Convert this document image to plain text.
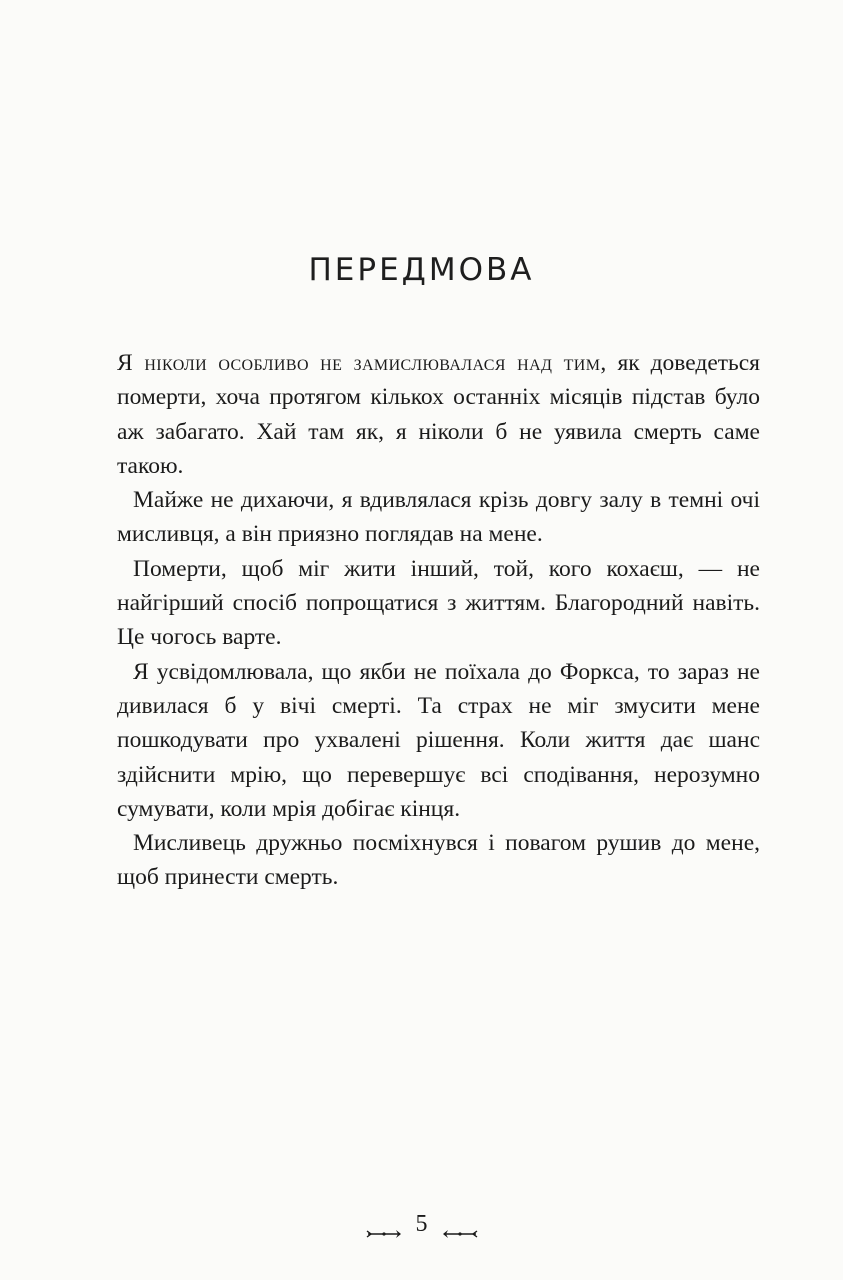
ПЕРЕДМОВА

Я ніколи особливо не замислювалася над тим, як доведеться померти, хоча протягом кількох останніх місяців підстав було аж забагато. Хай там як, я ніколи б не уявила смерть саме такою.

Майже не дихаючи, я вдивлялася крізь довгу залу в темні очі мисливця, а він приязно поглядав на мене.

Померти, щоб міг жити інший, той, кого кохаєш, — не найгірший спосіб попрощатися з життям. Благородний навіть. Це чогось варте.

Я усвідомлювала, що якби не поїхала до Форкса, то зараз не дивилася б у вічі смерті. Та страх не міг змусити мене пошкодувати про ухвалені рішення. Коли життя дає шанс здійснити мрію, що перевершує всі сподівання, нерозумно сумувати, коли мрія добігає кінця.

Мисливець дружньо посміхнувся і повагом рушив до мене, щоб принести смерть.

5
